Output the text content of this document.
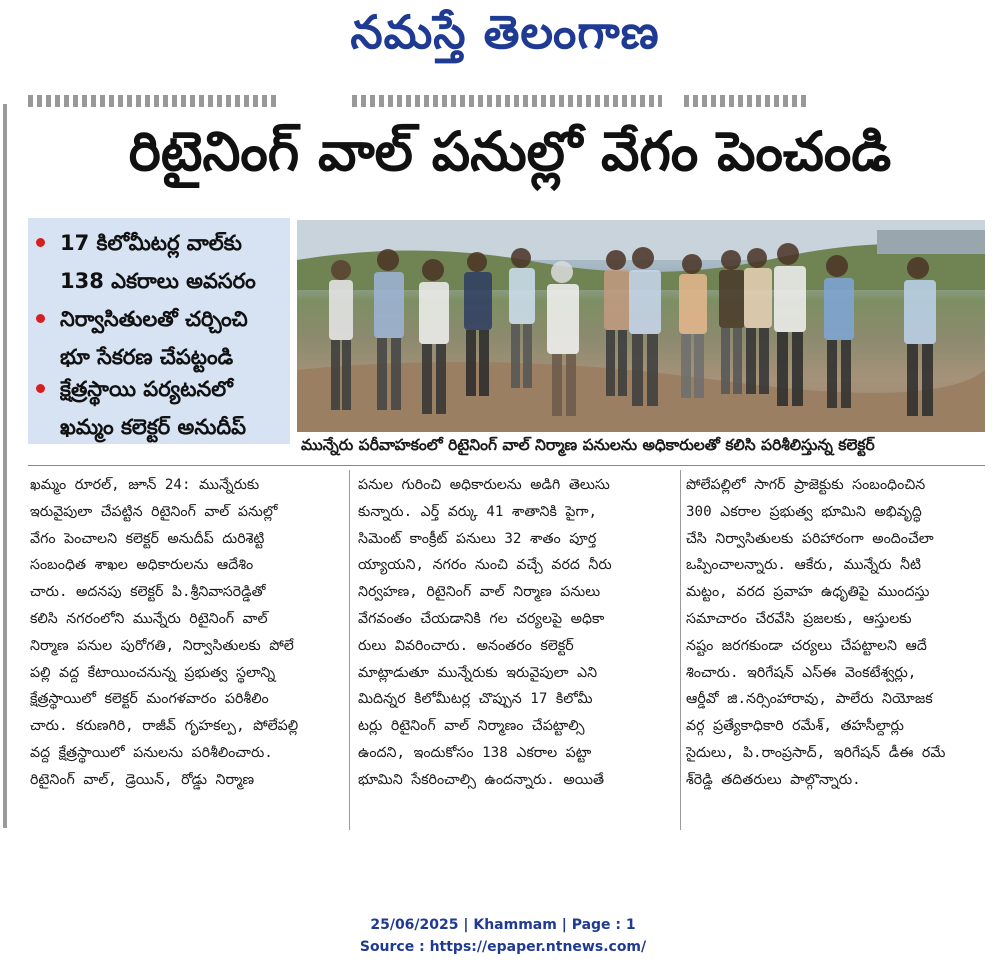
నమస్తే తెలంగాణ
రిటైనింగ్ వాల్ పనుల్లో వేగం పెంచండి
17 కిలోమీటర్ల వాల్‌కు
138 ఎకరాలు అవసరం
నిర్వాసితులతో చర్చించి
భూ సేకరణ చేపట్టండి
క్షేత్రస్థాయి పర్యటనలో
ఖమ్మం కలెక్టర్ అనుదీప్
మున్నేరు పరీవాహకంలో రిటైనింగ్ వాల్ నిర్మాణ పనులను అధికారులతో కలిసి పరిశీలిస్తున్న కలెక్టర్
ఖమ్మం రూరల్, జూన్ 24: మున్నేరుకు
ఇరువైపులా చేపట్టిన రిటైనింగ్ వాల్ పనుల్లో
వేగం పెంచాలని కలెక్టర్ అనుదీప్ దురిశెట్టి
సంబంధిత శాఖల అధికారులను ఆదేశిం
చారు. అదనపు కలెక్టర్ పి.శ్రీనివాసరెడ్డితో
కలిసి నగరంలోని మున్నేరు రిటైనింగ్ వాల్
నిర్మాణ పనుల పురోగతి, నిర్వాసితులకు పోలే
పల్లి వద్ద కేటాయించనున్న ప్రభుత్వ స్థలాన్ని
క్షేత్రస్థాయిలో కలెక్టర్ మంగళవారం పరిశీలిం
చారు. కరుణగిరి, రాజీవ్ గృహకల్ప, పోలేపల్లి
వద్ద క్షేత్రస్థాయిలో పనులను పరిశీలించారు.
రిటైనింగ్ వాల్, డ్రెయిన్, రోడ్డు నిర్మాణ
పనుల గురించి అధికారులను అడిగి తెలుసు
కున్నారు. ఎర్త్ వర్కు 41 శాతానికి పైగా,
సిమెంట్ కాంక్రీట్ పనులు 32 శాతం పూర్త
య్యాయని, నగరం నుంచి వచ్చే వరద నీరు
నిర్వహణ, రిటైనింగ్ వాల్ నిర్మాణ పనులు
వేగవంతం చేయడానికి గల చర్యలపై అధికా
రులు వివరించారు. అనంతరం కలెక్టర్
మాట్లాడుతూ మున్నేరుకు ఇరువైపులా ఎని
మిదిన్నర కిలోమీటర్ల చొప్పున 17 కిలోమీ
టర్లు రిటైనింగ్ వాల్ నిర్మాణం చేపట్టాల్సి
ఉందని, ఇందుకోసం 138 ఎకరాల పట్టా
భూమిని సేకరించాల్సి ఉందన్నారు. అయితే
పోలేపల్లిలో సాగర్ ప్రాజెక్టుకు సంబంధించిన
300 ఎకరాల ప్రభుత్వ భూమిని అభివృద్ధి
చేసి నిర్వాసితులకు పరిహారంగా అందించేలా
ఒప్పించాలన్నారు. ఆకేరు, మున్నేరు నీటి
మట్టం, వరద ప్రవాహ ఉధృతిపై ముందస్తు
సమాచారం చేరవేసి ప్రజలకు, ఆస్తులకు
నష్టం జరగకుండా చర్యలు చేపట్టాలని ఆదే
శించారు. ఇరిగేషన్ ఎస్ఈ వెంకటేశ్వర్లు,
ఆర్డీవో జి.నర్సింహారావు, పాలేరు నియోజక
వర్గ ప్రత్యేకాధికారి రమేశ్, తహసీల్దార్లు
సైదులు, పి.రాంప్రసాద్, ఇరిగేషన్ డీఈ రమే
శ్‌రెడ్డి తదితరులు పాల్గొన్నారు.
25/06/2025 | Khammam | Page : 1
Source : https://epaper.ntnews.com/
